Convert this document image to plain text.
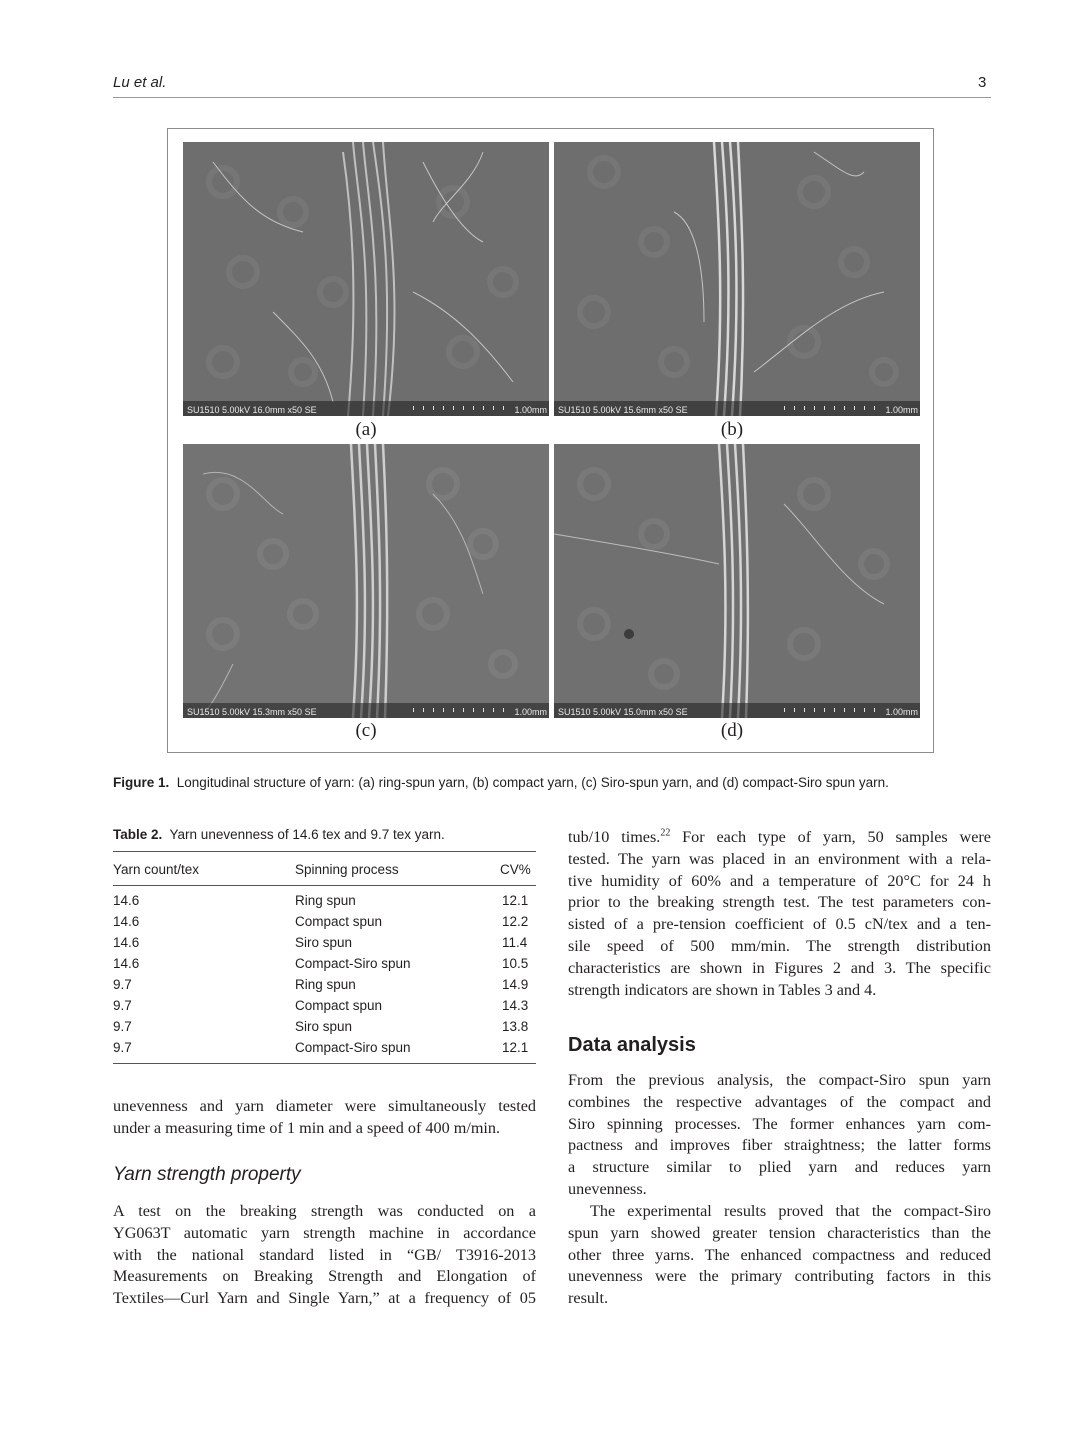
Lu et al.	3
SU1510 5.00kV 16.0mm x50 SE	1.00mm
(a)
SU1510 5.00kV 15.6mm x50 SE	1.00mm
(b)
SU1510 5.00kV 15.3mm x50 SE	1.00mm
(c)
SU1510 5.00kV 15.0mm x50 SE	1.00mm
(d)
Figure 1. Longitudinal structure of yarn: (a) ring-spun yarn, (b) compact yarn, (c) Siro-spun yarn, and (d) compact-Siro spun yarn.
Table 2. Yarn unevenness of 14.6 tex and 9.7 tex yarn.
Yarn count/tex	Spinning process	CV%
14.6	Ring spun	12.1
14.6	Compact spun	12.2
14.6	Siro spun	11.4
14.6	Compact-Siro spun	10.5
9.7	Ring spun	14.9
9.7	Compact spun	14.3
9.7	Siro spun	13.8
9.7	Compact-Siro spun	12.1
unevenness and yarn diameter were simultaneously tested
under a measuring time of 1 min and a speed of 400 m/min.
Yarn strength property
A test on the breaking strength was conducted on a
YG063T automatic yarn strength machine in accordance
with the national standard listed in “GB/ T3916-2013
Measurements on Breaking Strength and Elongation of
Textiles—Curl Yarn and Single Yarn,” at a frequency of 05
tub/10 times.$^{22}$ For each type of yarn, 50 samples were
tested. The yarn was placed in an environment with a rela-
tive humidity of 60% and a temperature of 20°C for 24 h
prior to the breaking strength test. The test parameters con-
sisted of a pre-tension coefficient of 0.5 cN/tex and a ten-
sile speed of 500 mm/min. The strength distribution
characteristics are shown in Figures 2 and 3. The specific
strength indicators are shown in Tables 3 and 4.
Data analysis
From the previous analysis, the compact-Siro spun yarn
combines the respective advantages of the compact and
Siro spinning processes. The former enhances yarn com-
pactness and improves fiber straightness; the latter forms
a structure similar to plied yarn and reduces yarn
unevenness.
The experimental results proved that the compact-Siro
spun yarn showed greater tension characteristics than the
other three yarns. The enhanced compactness and reduced
unevenness were the primary contributing factors in this
result.
